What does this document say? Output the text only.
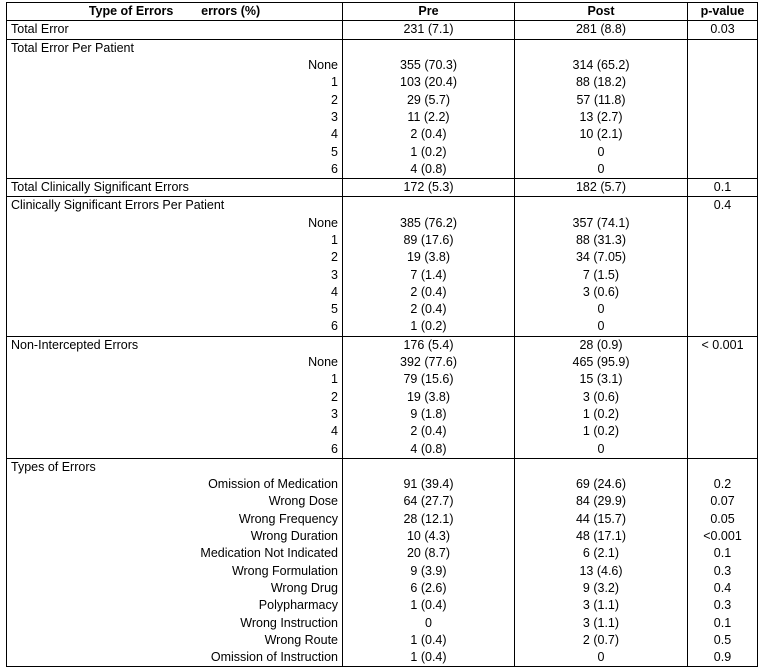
Type of Errors        errors (%)	Pre	Post	p-value
Total Error	231 (7.1)	281 (8.8)	0.03
Total Error Per Patient			
None	355 (70.3)	314 (65.2)	
1	103 (20.4)	88 (18.2)	
2	29 (5.7)	57 (11.8)	
3	11 (2.2)	13 (2.7)	
4	2 (0.4)	10 (2.1)	
5	1 (0.2)	0	
6	4 (0.8)	0	
Total Clinically Significant Errors	172 (5.3)	182 (5.7)	0.1
Clinically Significant Errors Per Patient			0.4
None	385 (76.2)	357 (74.1)	
1	89 (17.6)	88 (31.3)	
2	19 (3.8)	34 (7.05)	
3	7 (1.4)	7 (1.5)	
4	2 (0.4)	3 (0.6)	
5	2 (0.4)	0	
6	1 (0.2)	0	
Non-Intercepted Errors	176 (5.4)	28 (0.9)	< 0.001
None	392 (77.6)	465 (95.9)	
1	79 (15.6)	15 (3.1)	
2	19 (3.8)	3 (0.6)	
3	9 (1.8)	1 (0.2)	
4	2 (0.4)	1 (0.2)	
6	4 (0.8)	0	
Types of Errors			
Omission of Medication	91 (39.4)	69 (24.6)	0.2
Wrong Dose	64 (27.7)	84 (29.9)	0.07
Wrong Frequency	28 (12.1)	44 (15.7)	0.05
Wrong Duration	10 (4.3)	48 (17.1)	<0.001
Medication Not Indicated	20 (8.7)	6 (2.1)	0.1
Wrong Formulation	9 (3.9)	13 (4.6)	0.3
Wrong Drug	6 (2.6)	9 (3.2)	0.4
Polypharmacy	1 (0.4)	3 (1.1)	0.3
Wrong Instruction	0	3 (1.1)	0.1
Wrong Route	1 (0.4)	2 (0.7)	0.5
Omission of Instruction	1 (0.4)	0	0.9
